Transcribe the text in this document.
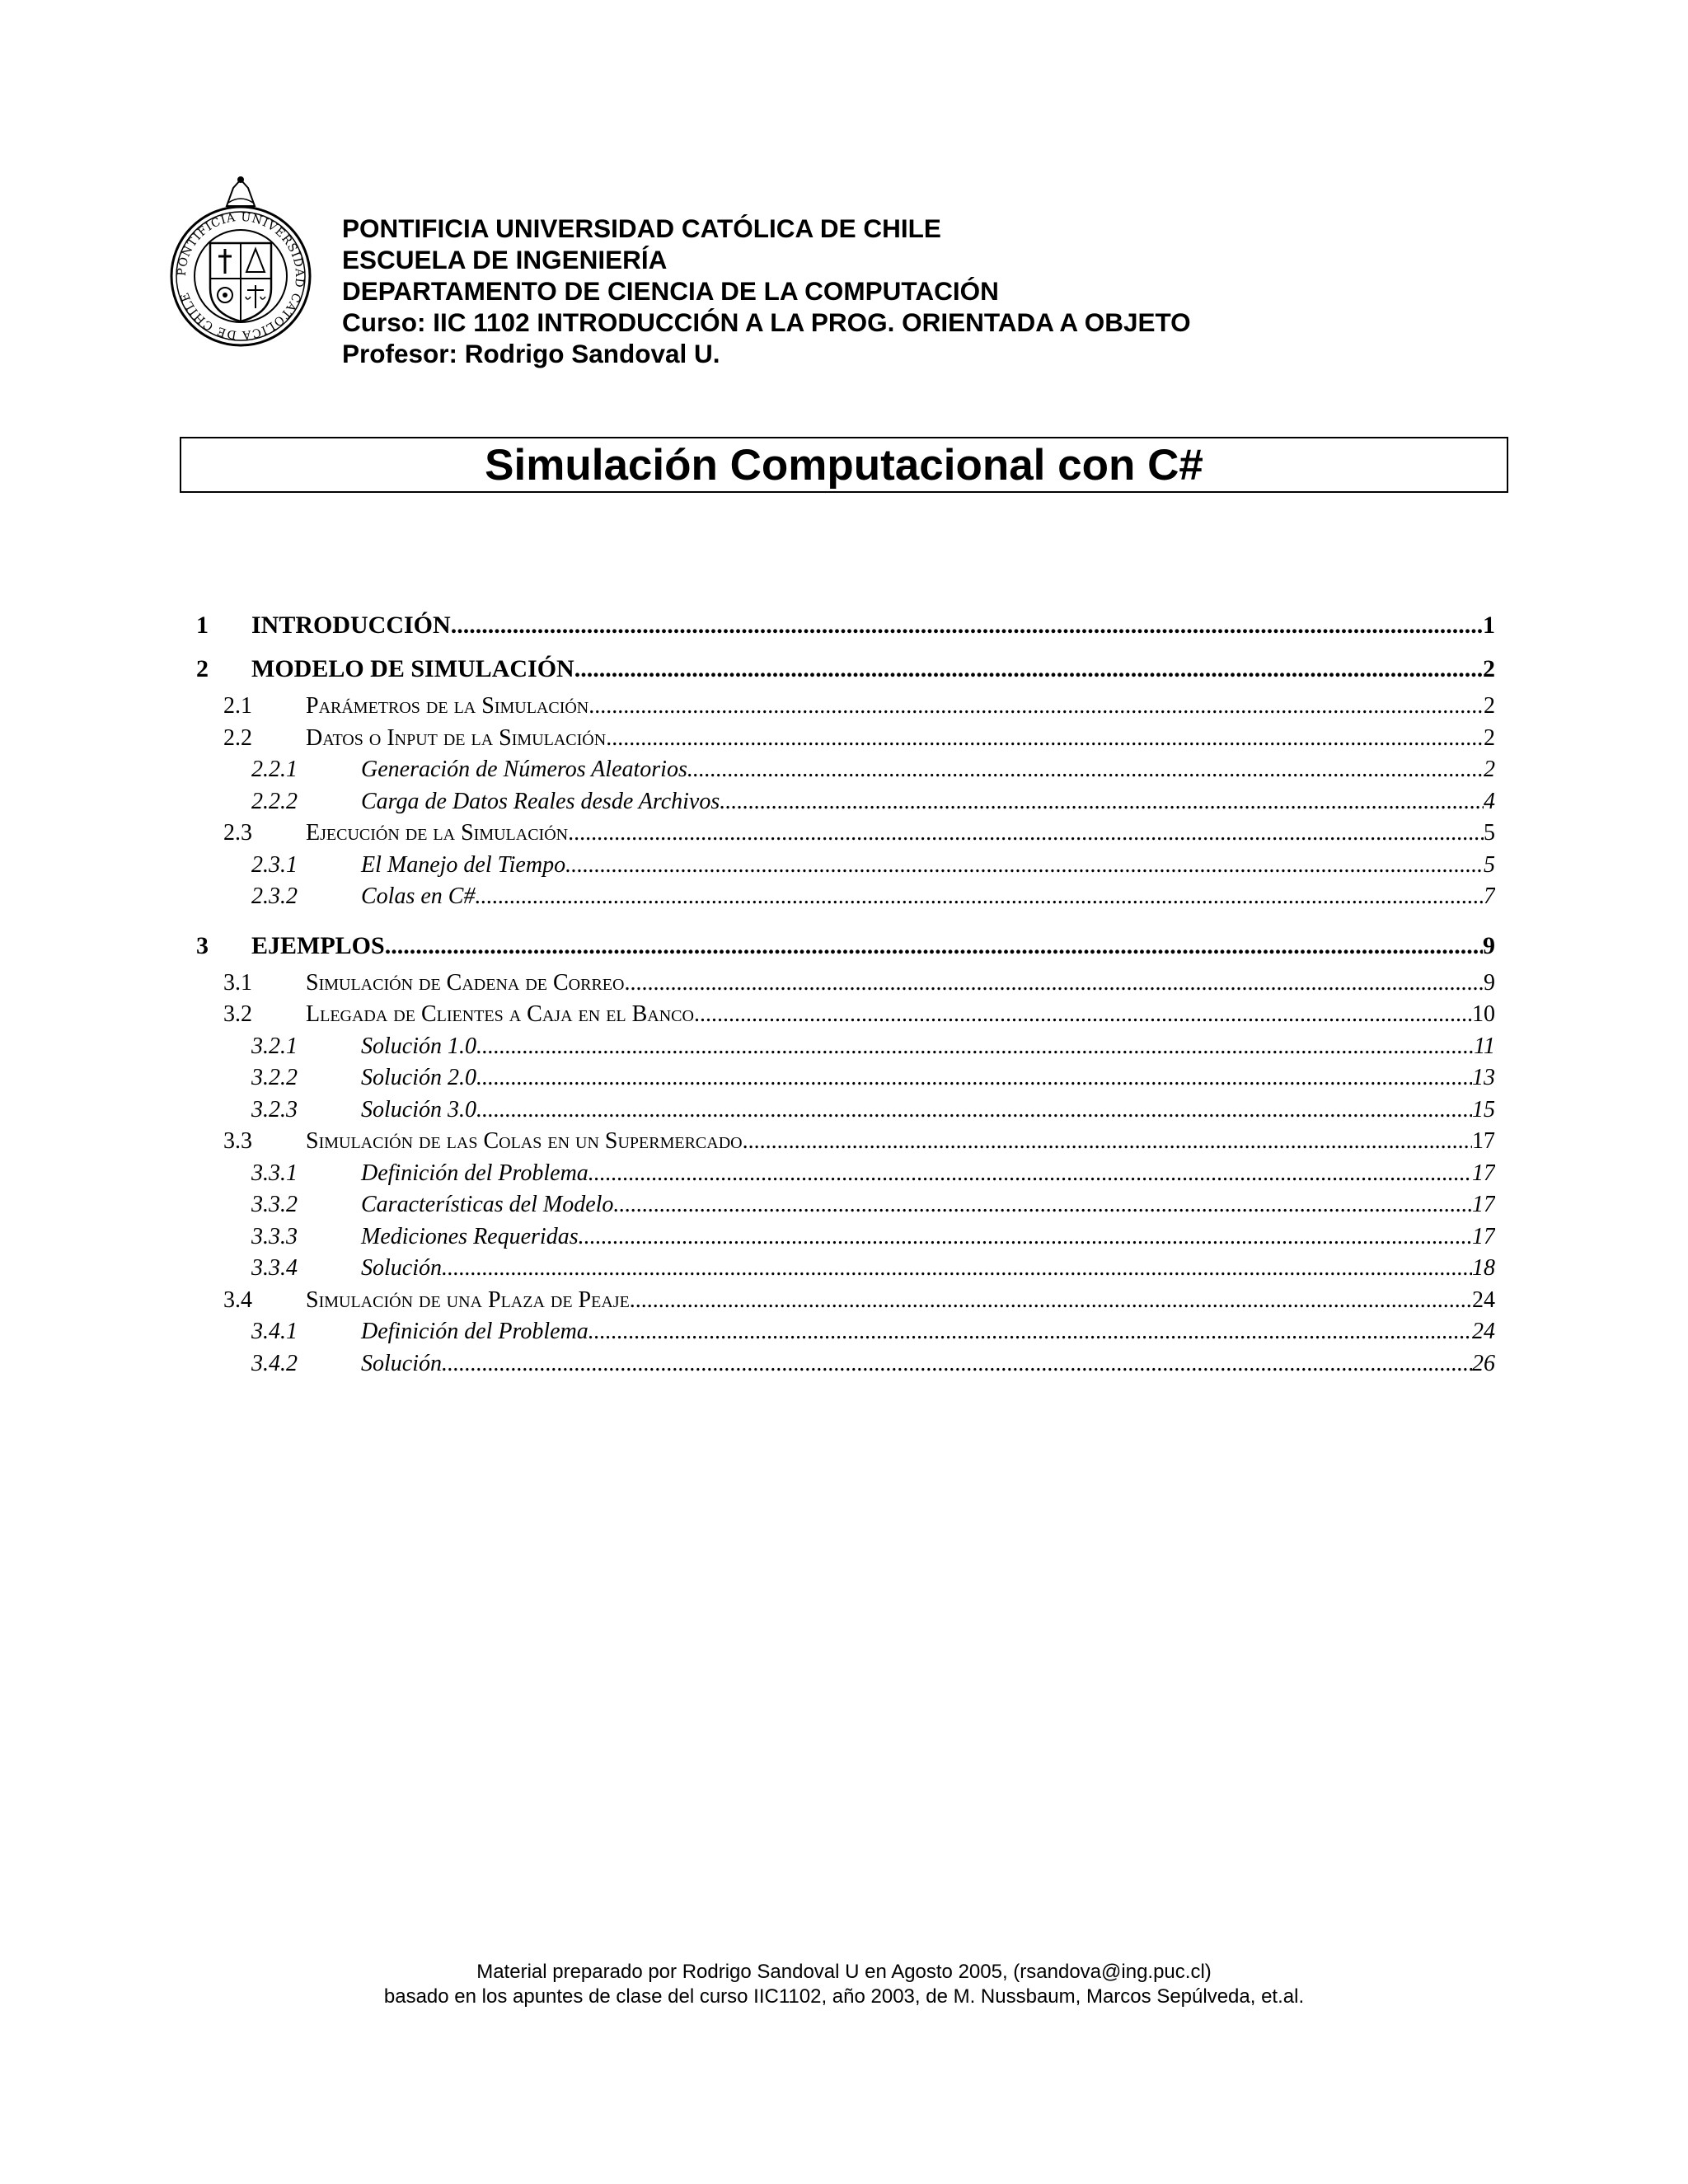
PONTIFICIA UNIVERSIDAD CATOLICA DE CHILE
PONTIFICIA UNIVERSIDAD CATÓLICA DE CHILE
ESCUELA DE INGENIERÍA
DEPARTAMENTO DE CIENCIA DE LA COMPUTACIÓN
Curso: IIC 1102 INTRODUCCIÓN A LA PROG. ORIENTADA A OBJETO
Profesor: Rodrigo Sandoval U.
Simulación Computacional con C#
1	INTRODUCCIÓN .....	1
2	MODELO DE SIMULACIÓN .....	2
2.1	Parámetros de la Simulación .....	2
2.2	Datos o Input de la Simulación .....	2
2.2.1	Generación de Números Aleatorios .....	2
2.2.2	Carga de Datos Reales desde Archivos .....	4
2.3	Ejecución de la Simulación .....	5
2.3.1	El Manejo del Tiempo .....	5
2.3.2	Colas en C# .....	7
3	EJEMPLOS .....	9
3.1	Simulación de Cadena de Correo .....	9
3.2	Llegada de Clientes a Caja en el Banco .....	10
3.2.1	Solución 1.0 .....	11
3.2.2	Solución 2.0 .....	13
3.2.3	Solución 3.0 .....	15
3.3	Simulación de las Colas en un Supermercado .....	17
3.3.1	Definición del Problema .....	17
3.3.2	Características del Modelo .....	17
3.3.3	Mediciones Requeridas .....	17
3.3.4	Solución .....	18
3.4	Simulación de una Plaza de Peaje .....	24
3.4.1	Definición del Problema .....	24
3.4.2	Solución .....	26
Material preparado por Rodrigo Sandoval U en Agosto 2005, (rsandova@ing.puc.cl)
basado en los apuntes de clase del curso IIC1102, año 2003, de M. Nussbaum, Marcos Sepúlveda, et.al.
